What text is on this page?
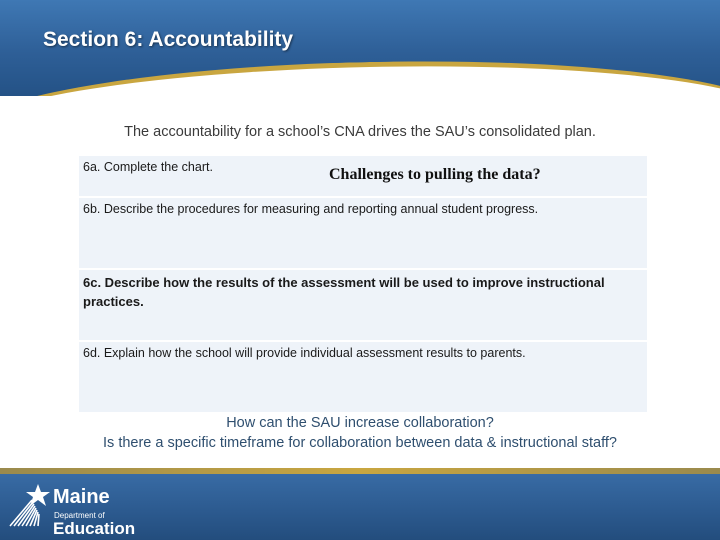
Section 6: Accountability

The accountability for a school’s CNA drives the SAU’s consolidated plan.

6a. Complete the chart.	Challenges to pulling the data?
6b. Describe the procedures for measuring and reporting annual student progress.
6c. Describe how the results of the assessment will be used to improve instructional practices.
6d. Explain how the school will provide individual assessment results to parents.

How can the SAU increase collaboration?

Is there a specific timeframe for collaboration between data & instructional staff?

Maine
Department of
Education
